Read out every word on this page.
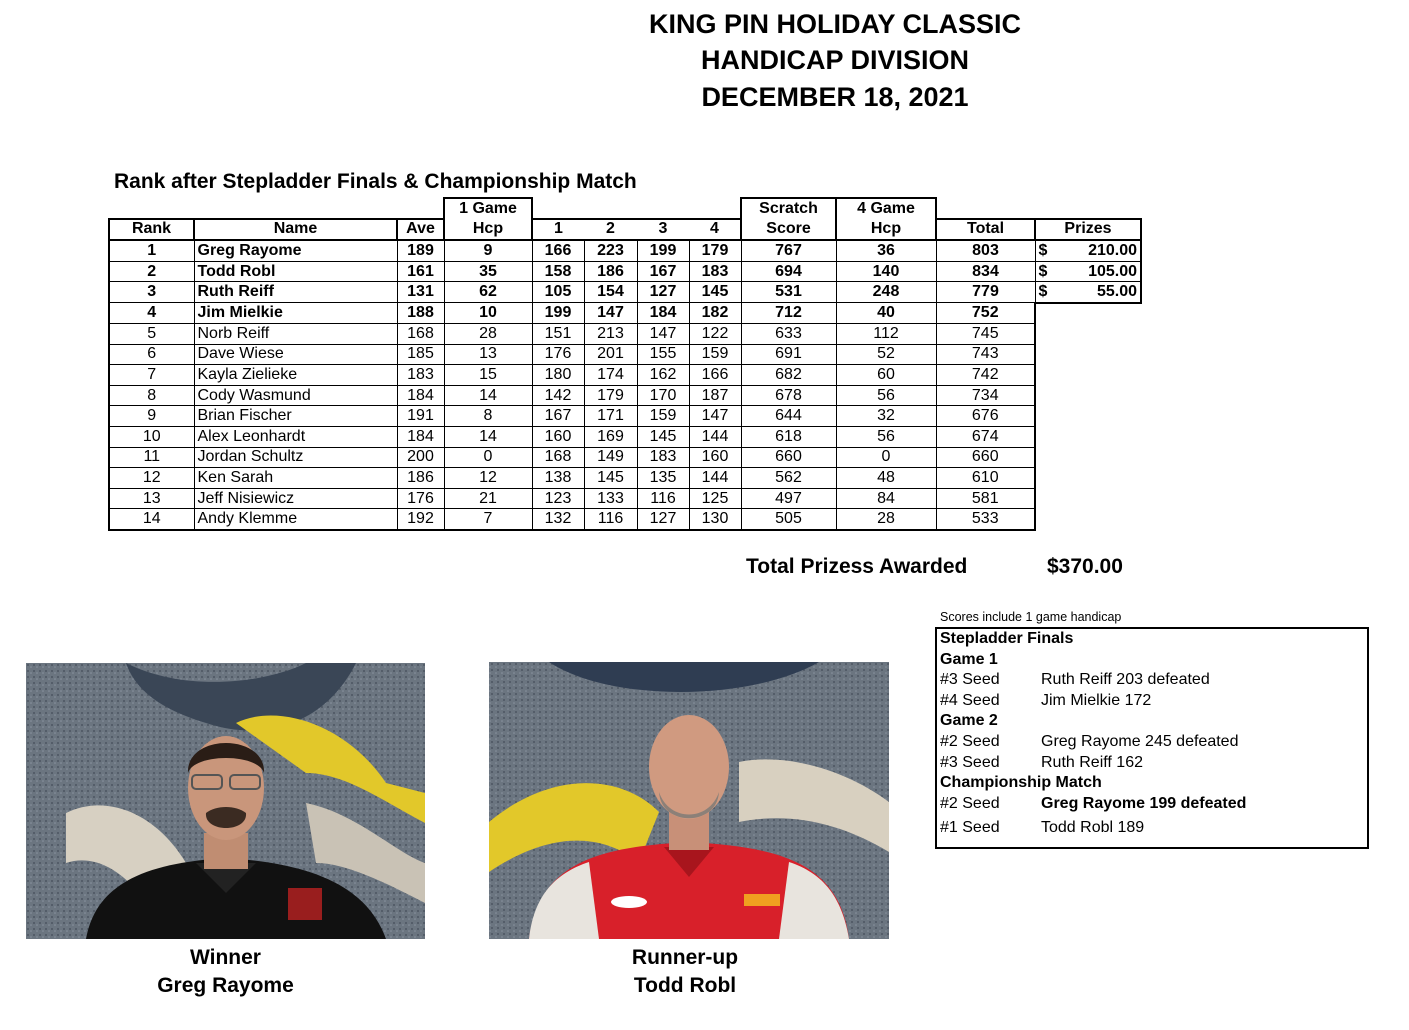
KING PIN HOLIDAY CLASSIC
HANDICAP DIVISION
DECEMBER 18, 2021
Rank after Stepladder Finals & Championship Match
			1 Game					Scratch	4 Game		
Rank	Name	Ave	Hcp	1	2	3	4	Score	Hcp	Total	Prizes
1	Greg Rayome	189	9	166	223	199	179	767	36	803	$ 210.00

2	Todd Robl	161	35	158	186	167	183	694	140	834	$ 105.00

3	Ruth Reiff	131	62	105	154	127	145	531	248	779	$ 55.00

4	Jim Mielkie	188	10	199	147	184	182	712	40	752	
5	Norb Reiff	168	28	151	213	147	122	633	112	745	
6	Dave Wiese	185	13	176	201	155	159	691	52	743	
7	Kayla Zielieke	183	15	180	174	162	166	682	60	742	
8	Cody Wasmund	184	14	142	179	170	187	678	56	734	
9	Brian Fischer	191	8	167	171	159	147	644	32	676	
10	Alex Leonhardt	184	14	160	169	145	144	618	56	674	
11	Jordan Schultz	200	0	168	149	183	160	660	0	660	
12	Ken Sarah	186	12	138	145	135	144	562	48	610	
13	Jeff Nisiewicz	176	21	123	133	116	125	497	84	581	
14	Andy Klemme	192	7	132	116	127	130	505	28	533	
Total Prizess Awarded	$370.00
Scores include 1 game handicap
Stepladder Finals
Game 1
#3 Seed	Ruth Reiff 203 defeated
#4 Seed	Jim Mielkie 172
Game 2
#2 Seed	Greg Rayome 245 defeated
#3 Seed	Ruth Reiff 162
Championship Match
#2 Seed	Greg Rayome 199 defeated
#1 Seed	Todd Robl 189
Winner
Greg Rayome
Runner-up
Todd Robl
